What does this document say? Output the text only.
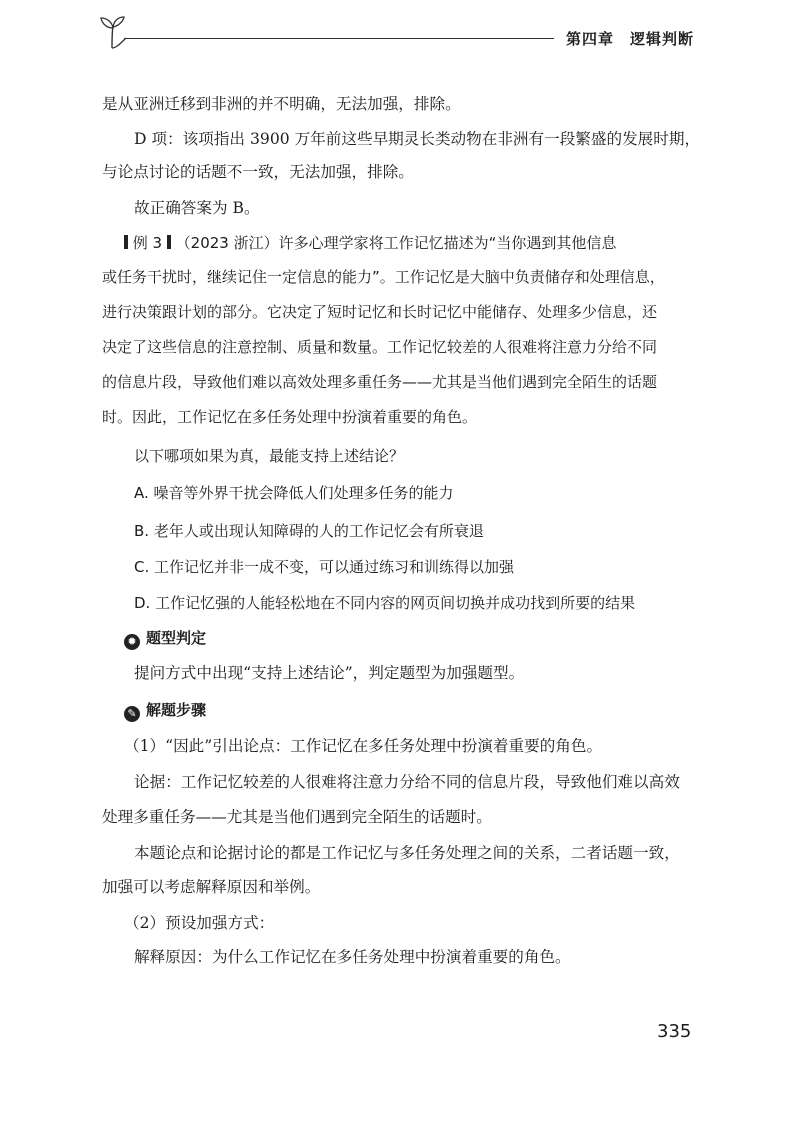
第四章 逻辑判断
是从亚洲迁移到非洲的并不明确，无法加强，排除。
D 项：该项指出 3900 万年前这些早期灵长类动物在非洲有一段繁盛的发展时期，
与论点讨论的话题不一致，无法加强，排除。
故正确答案为 B。
例 3 （2023 浙江）许多心理学家将工作记忆描述为“当你遇到其他信息
或任务干扰时，继续记住一定信息的能力”。工作记忆是大脑中负责储存和处理信息，
进行决策跟计划的部分。它决定了短时记忆和长时记忆中能储存、处理多少信息，还
决定了这些信息的注意控制、质量和数量。工作记忆较差的人很难将注意力分给不同
的信息片段，导致他们难以高效处理多重任务——尤其是当他们遇到完全陌生的话题
时。因此，工作记忆在多任务处理中扮演着重要的角色。
以下哪项如果为真，最能支持上述结论？
A. 噪音等外界干扰会降低人们处理多任务的能力
B. 老年人或出现认知障碍的人的工作记忆会有所衰退
C. 工作记忆并非一成不变，可以通过练习和训练得以加强
D. 工作记忆强的人能轻松地在不同内容的网页间切换并成功找到所要的结果
✹ 题型判定
提问方式中出现“支持上述结论”，判定题型为加强题型。
✎ 解题步骤
（1）“因此”引出论点：工作记忆在多任务处理中扮演着重要的角色。
论据：工作记忆较差的人很难将注意力分给不同的信息片段，导致他们难以高效
处理多重任务——尤其是当他们遇到完全陌生的话题时。
本题论点和论据讨论的都是工作记忆与多任务处理之间的关系，二者话题一致，
加强可以考虑解释原因和举例。
（2）预设加强方式：
解释原因：为什么工作记忆在多任务处理中扮演着重要的角色。
335
